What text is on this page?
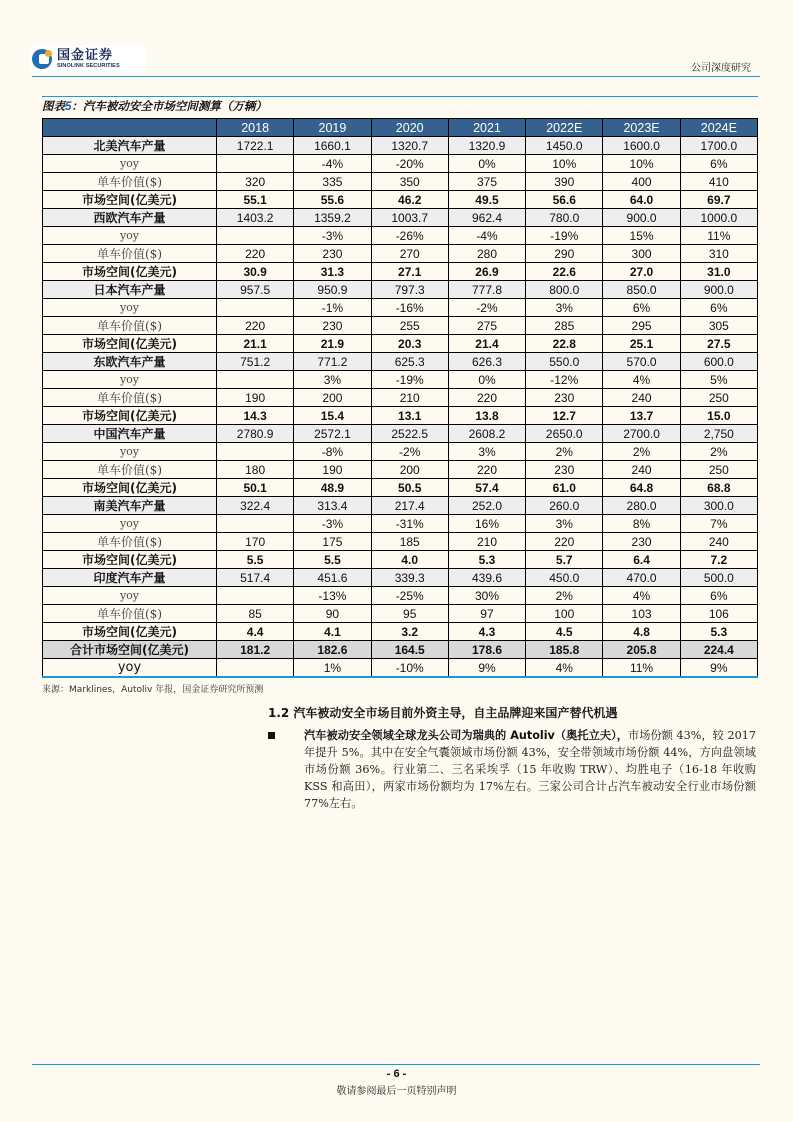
国金证券
SINOLINK SECURITIES	公司深度研究
图表5：汽车被动安全市场空间测算（万辆）
	2018	2019	2020	2021	2022E	2023E	2024E
北美汽车产量	1722.1	1660.1	1320.7	1320.9	1450.0	1600.0	1700.0
yoy		-4%	-20%	0%	10%	10%	6%
单车价值($)	320	335	350	375	390	400	410
市场空间(亿美元)	55.1	55.6	46.2	49.5	56.6	64.0	69.7
西欧汽车产量	1403.2	1359.2	1003.7	962.4	780.0	900.0	1000.0
yoy		-3%	-26%	-4%	-19%	15%	11%
单车价值($)	220	230	270	280	290	300	310
市场空间(亿美元)	30.9	31.3	27.1	26.9	22.6	27.0	31.0
日本汽车产量	957.5	950.9	797.3	777.8	800.0	850.0	900.0
yoy		-1%	-16%	-2%	3%	6%	6%
单车价值($)	220	230	255	275	285	295	305
市场空间(亿美元)	21.1	21.9	20.3	21.4	22.8	25.1	27.5
东欧汽车产量	751.2	771.2	625.3	626.3	550.0	570.0	600.0
yoy		3%	-19%	0%	-12%	4%	5%
单车价值($)	190	200	210	220	230	240	250
市场空间(亿美元)	14.3	15.4	13.1	13.8	12.7	13.7	15.0
中国汽车产量	2780.9	2572.1	2522.5	2608.2	2650.0	2700.0	2,750
yoy		-8%	-2%	3%	2%	2%	2%
单车价值($)	180	190	200	220	230	240	250
市场空间(亿美元)	50.1	48.9	50.5	57.4	61.0	64.8	68.8
南美汽车产量	322.4	313.4	217.4	252.0	260.0	280.0	300.0
yoy		-3%	-31%	16%	3%	8%	7%
单车价值($)	170	175	185	210	220	230	240
市场空间(亿美元)	5.5	5.5	4.0	5.3	5.7	6.4	7.2
印度汽车产量	517.4	451.6	339.3	439.6	450.0	470.0	500.0
yoy		-13%	-25%	30%	2%	4%	6%
单车价值($)	85	90	95	97	100	103	106
市场空间(亿美元)	4.4	4.1	3.2	4.3	4.5	4.8	5.3
合计市场空间(亿美元)	181.2	182.6	164.5	178.6	185.8	205.8	224.4
yoy		1%	-10%	9%	4%	11%	9%
来源：Marklines，Autoliv 年报，国金证券研究所预测
1.2 汽车被动安全市场目前外资主导，自主品牌迎来国产替代机遇
汽车被动安全领域全球龙头公司为瑞典的 Autoliv（奥托立夫），市场份额 43%，较 2017 年提升 5%。其中在安全气囊领域市场份额 43%，安全带领域市场份额 44%，方向盘领域市场份额 36%。行业第二、三名采埃孚（15 年收购 TRW）、均胜电子（16-18 年收购 KSS 和高田），两家市场份额均为 17%左右。三家公司合计占汽车被动安全行业市场份额 77%左右。
- 6 -
敬请参阅最后一页特别声明
